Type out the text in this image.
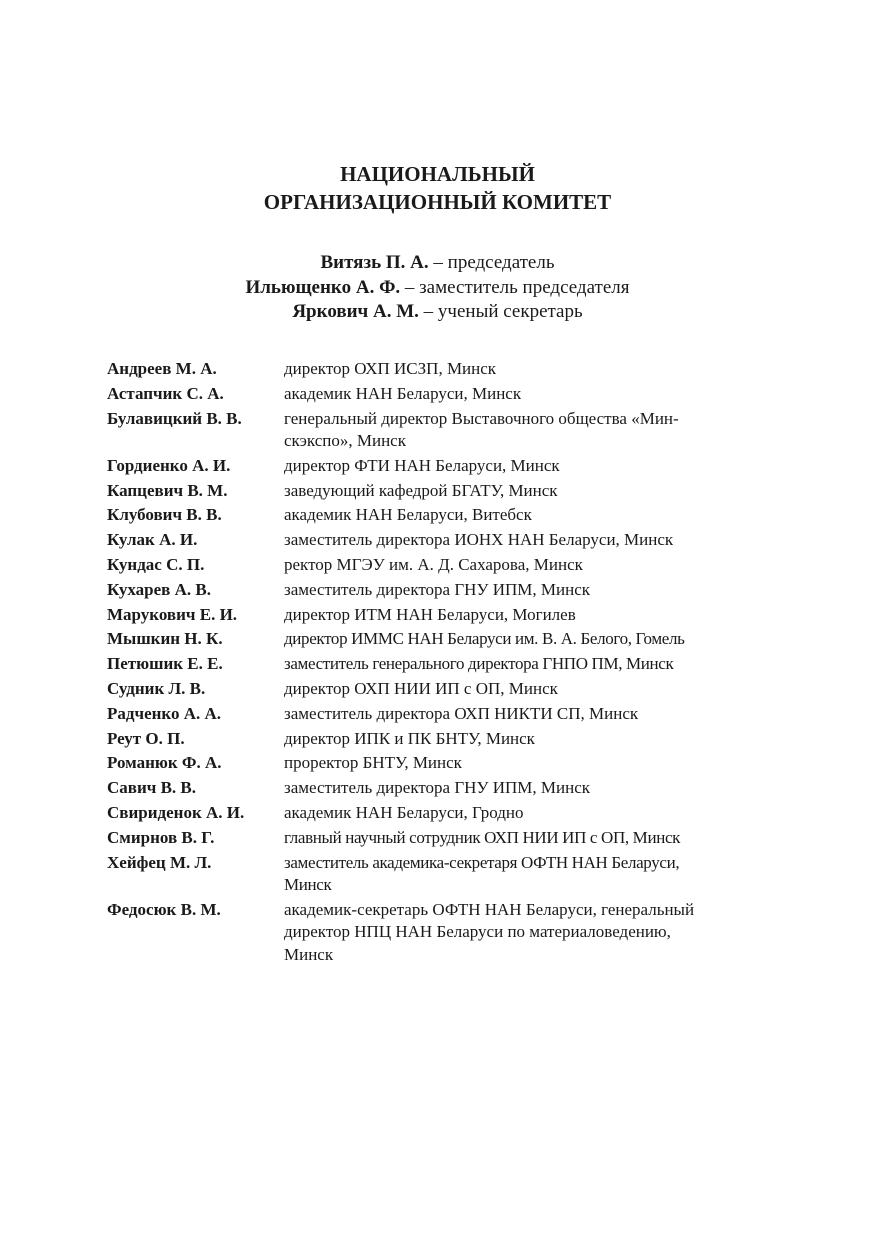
НАЦИОНАЛЬНЫЙ
ОРГАНИЗАЦИОННЫЙ КОМИТЕТ
Витязь П. А. – председатель
Ильющенко А. Ф. – заместитель председателя
Яркович А. М. – ученый секретарь
Андреев М. А.	директор ОХП ИСЗП, Минск
Астапчик С. А.	академик НАН Беларуси, Минск
Булавицкий В. В.	генеральный директор Выставочного общества «Мин-
скэкспо», Минск
Гордиенко А. И.	директор ФТИ НАН Беларуси, Минск
Капцевич В. М.	заведующий кафедрой БГАТУ, Минск
Клубович В. В.	академик НАН Беларуси, Витебск
Кулак А. И.	заместитель директора ИОНХ НАН Беларуси, Минск
Кундас С. П.	ректор МГЭУ им. А. Д. Сахарова, Минск
Кухарев А. В.	заместитель директора ГНУ ИПМ, Минск
Марукович Е. И.	директор ИТМ НАН Беларуси, Могилев
Мышкин Н. К.	директор ИММС НАН Беларуси им. В. А. Белого, Гомель
Петюшик Е. Е.	заместитель генерального директора ГНПО ПМ, Минск
Судник Л. В.	директор ОХП НИИ ИП с ОП, Минск
Радченко А. А.	заместитель директора ОХП НИКТИ СП, Минск
Реут О. П.	директор ИПК и ПК БНТУ, Минск
Романюк Ф. А.	проректор БНТУ, Минск
Савич В. В.	заместитель директора ГНУ ИПМ, Минск
Свириденок А. И.	академик НАН Беларуси, Гродно
Смирнов В. Г.	главный научный сотрудник ОХП НИИ ИП с ОП, Минск
Хейфец М. Л.	заместитель академика-секретаря ОФТН НАН Беларуси,
Минск
Федосюк В. М.	академик-секретарь ОФТН НАН Беларуси, генеральный
директор НПЦ НАН Беларуси по материаловедению,
Минск
